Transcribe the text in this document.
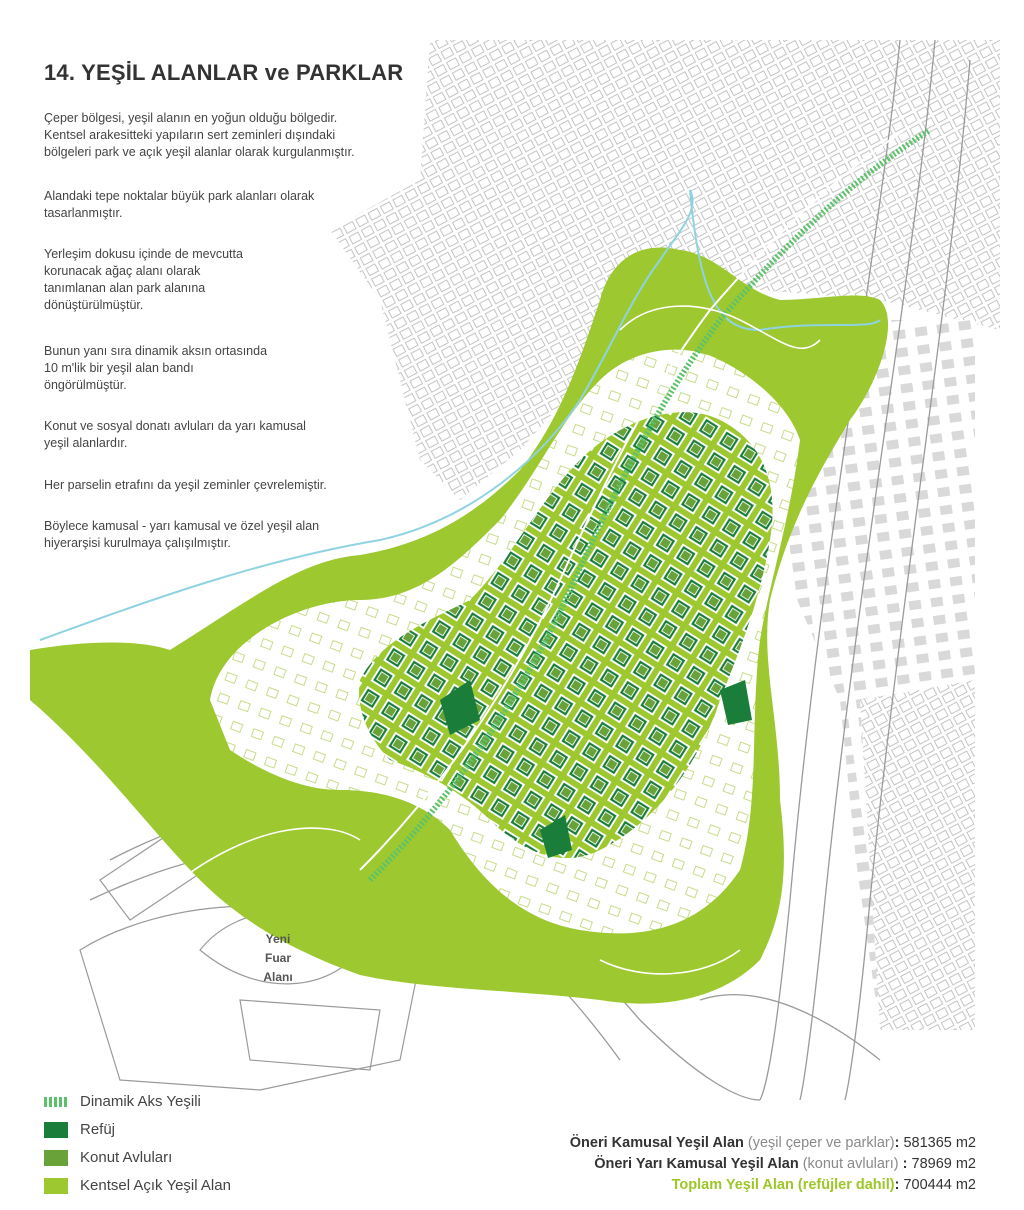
14. YEŞİL ALANLAR ve PARKLAR

Çeper bölgesi, yeşil alanın en yoğun olduğu bölgedir.
Kentsel arakesitteki yapıların sert zeminleri dışındaki
bölgeleri park ve açık yeşil alanlar olarak kurgulanmıştır.

Alandaki tepe noktalar büyük park alanları olarak
tasarlanmıştır.

Yerleşim dokusu içinde de mevcutta
korunacak ağaç alanı olarak
tanımlanan alan park alanına
dönüştürülmüştür.

Bunun yanı sıra dinamik aksın ortasında
10 m'lik bir yeşil alan bandı
öngörülmüştür.

Konut ve sosyal donatı avluları da yarı kamusal
yeşil alanlardır.

Her parselin etrafını da yeşil zeminler çevrelemiştir.

Böylece kamusal - yarı kamusal ve özel yeşil alan
hiyerarşisi kurulmaya çalışılmıştır.

Yeni
Fuar
Alanı
Dinamik Aks Yeşili
Refüj
Konut Avluları
Kentsel Açık Yeşil Alan
Öneri Kamusal Yeşil Alan (yeşil çeper ve parklar): 581365 m2
Öneri Yarı Kamusal Yeşil Alan (konut avluları) : 78969 m2
Toplam Yeşil Alan (refüjler dahil): 700444 m2
